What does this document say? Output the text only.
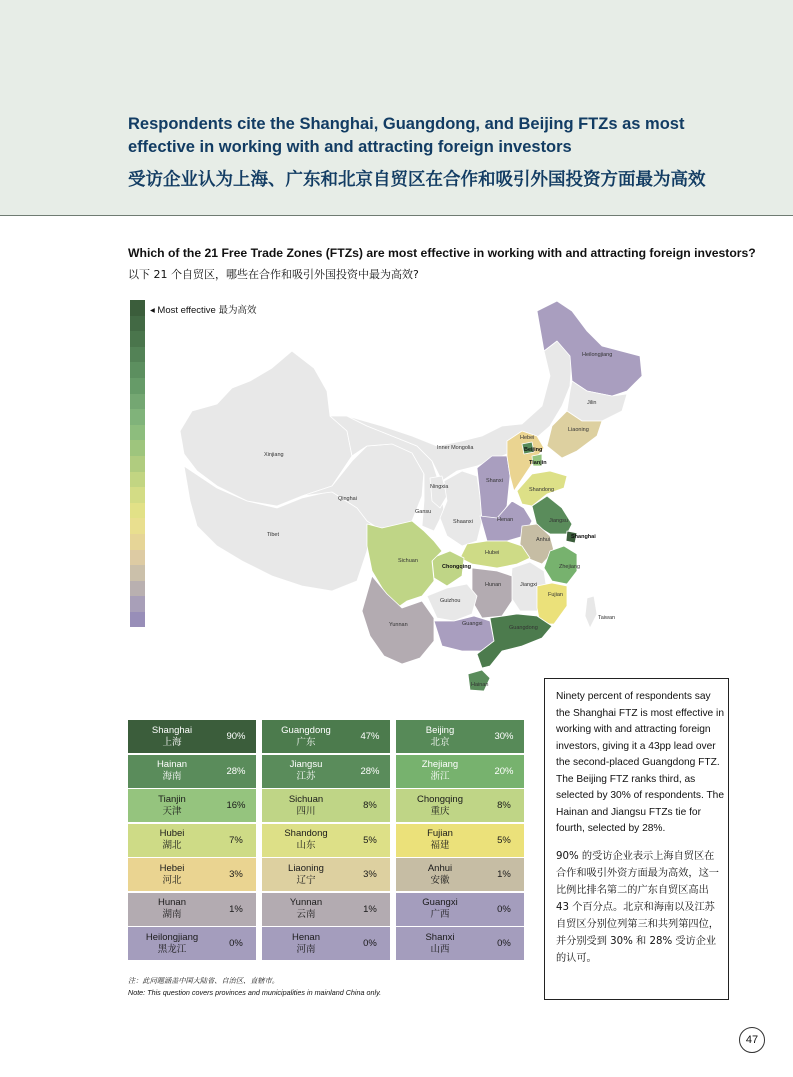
Respondents cite the Shanghai, Guangdong, and Beijing FTZs as most effective in working with and attracting foreign investors
受访企业认为上海、广东和北京自贸区在合作和吸引外国投资方面最为高效
Which of the 21 Free Trade Zones (FTZs) are most effective in working with and attracting foreign investors?
以下 21 个自贸区，哪些在合作和吸引外国投资中最为高效?
◂ Most effective 最为高效
Heilongjiang
Jilin
Liaoning
Inner Mongolia
Hebei
Beijing
Tianjin
Xinjiang
Qinghai
Ningxia
Shanxi
Shandong
Gansu
Shaanxi	Henan	Jiangsu
Anhui	Shanghai
Tibet
Sichuan
Hubei
Chongqing	Zhejiang
Hunan	Jiangxi
Guizhou
Fujian
Taiwan
Yunnan	Guangxi
Guangdong
Hainan
Shanghai
上海	90%
Hainan
海南	28%
Tianjin
天津	16%
Hubei
湖北	7%
Hebei
河北	3%
Hunan
湖南	1%
Heilongjiang
黑龙江	0%
Guangdong
广东	47%
Jiangsu
江苏	28%
Sichuan
四川	8%
Shandong
山东	5%
Liaoning
辽宁	3%
Yunnan
云南	1%
Henan
河南	0%
Beijing
北京	30%
Zhejiang
浙江	20%
Chongqing
重庆	8%
Fujian
福建	5%
Anhui
安徽	1%
Guangxi
广西	0%
Shanxi
山西	0%
注：此问题涵盖中国大陆省、自治区、直辖市。
Note: This question covers provinces and municipalities in mainland China only.

Ninety percent of respondents say the Shanghai FTZ is most effective in working with and attracting foreign investors, giving it a 43pp lead over the second-placed Guangdong FTZ. The Beijing FTZ ranks third, as selected by 30% of respondents. The Hainan and Jiangsu FTZs tie for fourth, selected by 28%.

90% 的受访企业表示上海自贸区在合作和吸引外资方面最为高效，这一比例比排名第二的广东自贸区高出 43 个百分点。北京和海南以及江苏自贸区分别位列第三和共列第四位，并分别受到 30% 和 28% 受访企业的认可。

47
